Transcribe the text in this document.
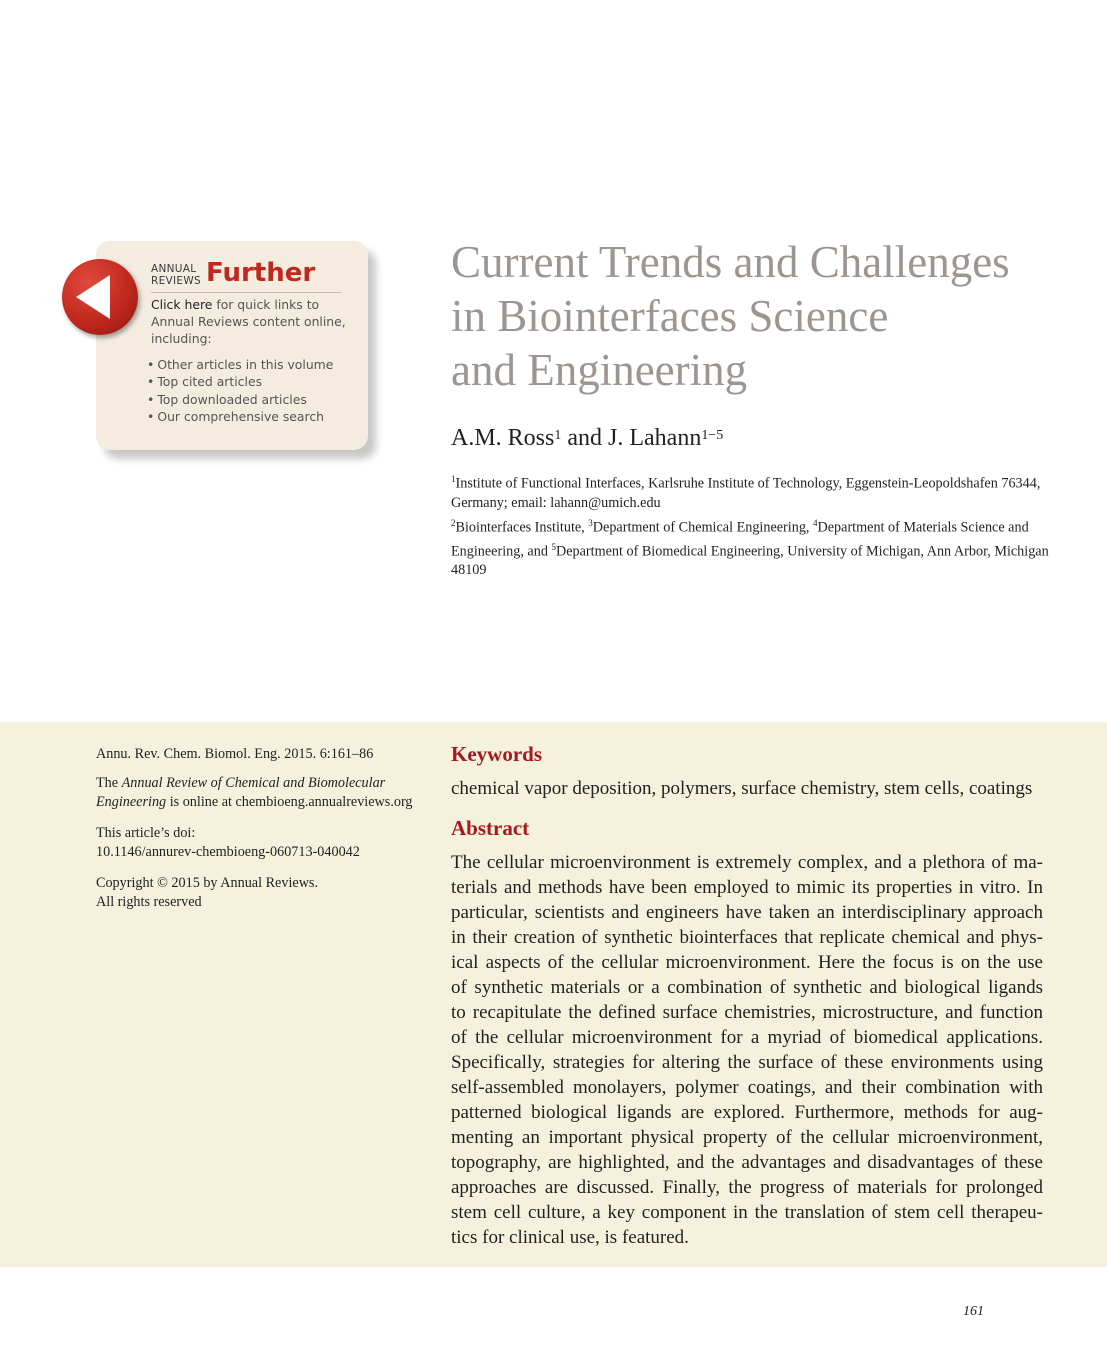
ANNUAL
REVIEWS Further
Click here for quick links to Annual Reviews content online, including:
• Other articles in this volume
• Top cited articles
• Top downloaded articles
• Our comprehensive search
Current Trends and Challenges
in Biointerfaces Science
and Engineering
A.M. Ross$^1$ and J. Lahann$^{1-5}$

$^1$Institute of Functional Interfaces, Karlsruhe Institute of Technology, Eggenstein-Leopoldshafen 76344, Germany; email: lahann@umich.edu

$^2$Biointerfaces Institute, $^3$Department of Chemical Engineering, $^4$Department of Materials Science and Engineering, and $^5$Department of Biomedical Engineering, University of Michigan, Ann Arbor, Michigan 48109

Annu. Rev. Chem. Biomol. Eng. 2015. 6:161–86

The Annual Review of Chemical and Biomolecular Engineering is online at chembioeng.annualreviews.org

This article’s doi:
10.1146/annurev-chembioeng-060713-040042

Copyright © 2015 by Annual Reviews.
All rights reserved

Keywords

chemical vapor deposition, polymers, surface chemistry, stem cells, coatings

Abstract

The cellular microenvironment is extremely complex, and a plethora of ma-
terials and methods have been employed to mimic its properties in vitro. In
particular, scientists and engineers have taken an interdisciplinary approach
in their creation of synthetic biointerfaces that replicate chemical and phys-
ical aspects of the cellular microenvironment. Here the focus is on the use
of synthetic materials or a combination of synthetic and biological ligands
to recapitulate the defined surface chemistries, microstructure, and function
of the cellular microenvironment for a myriad of biomedical applications.
Specifically, strategies for altering the surface of these environments using
self-assembled monolayers, polymer coatings, and their combination with
patterned biological ligands are explored. Furthermore, methods for aug-
menting an important physical property of the cellular microenvironment,
topography, are highlighted, and the advantages and disadvantages of these
approaches are discussed. Finally, the progress of materials for prolonged
stem cell culture, a key component in the translation of stem cell therapeu-
tics for clinical use, is featured.

161
